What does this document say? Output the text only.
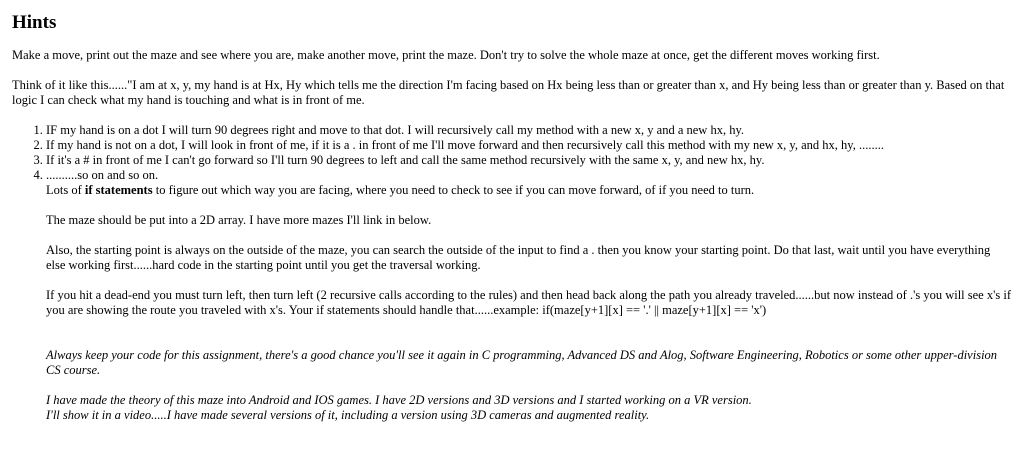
Hints

Make a move, print out the maze and see where you are, make another move, print the maze. Don't try to solve the whole maze at once, get the different moves working first.

Think of it like this......"I am at x, y, my hand is at Hx, Hy which tells me the direction I'm facing based on Hx being less than or greater than x, and Hy being less than or greater than y. Based on that logic I can check what my hand is touching and what is in front of me.

1. IF my hand is on a dot I will turn 90 degrees right and move to that dot. I will recursively call my method with a new x, y and a new hx, hy.
2. If my hand is not on a dot, I will look in front of me, if it is a . in front of me I'll move forward and then recursively call this method with my new x, y, and hx, hy, ........
3. If it's a # in front of me I can't go forward so I'll turn 90 degrees to left and call the same method recursively with the same x, y, and new hx, hy.
4. ..........so on and so on.

Lots of if statements to figure out which way you are facing, where you need to check to see if you can move forward, of if you need to turn.

The maze should be put into a 2D array. I have more mazes I'll link in below.

Also, the starting point is always on the outside of the maze, you can search the outside of the input to find a . then you know your starting point. Do that last, wait until you have everything else working first......hard code in the starting point until you get the traversal working.

If you hit a dead-end you must turn left, then turn left (2 recursive calls according to the rules) and then head back along the path you already traveled......but now instead of .'s you will see x's if you are showing the route you traveled with x's. Your if statements should handle that......example: if(maze[y+1][x] == '.' || maze[y+1][x] == 'x')

Always keep your code for this assignment, there's a good chance you'll see it again in C programming, Advanced DS and Alog, Software Engineering, Robotics or some other upper-division CS course.

I have made the theory of this maze into Android and IOS games. I have 2D versions and 3D versions and I started working on a VR version.

I'll show it in a video.....I have made several versions of it, including a version using 3D cameras and augmented reality.
